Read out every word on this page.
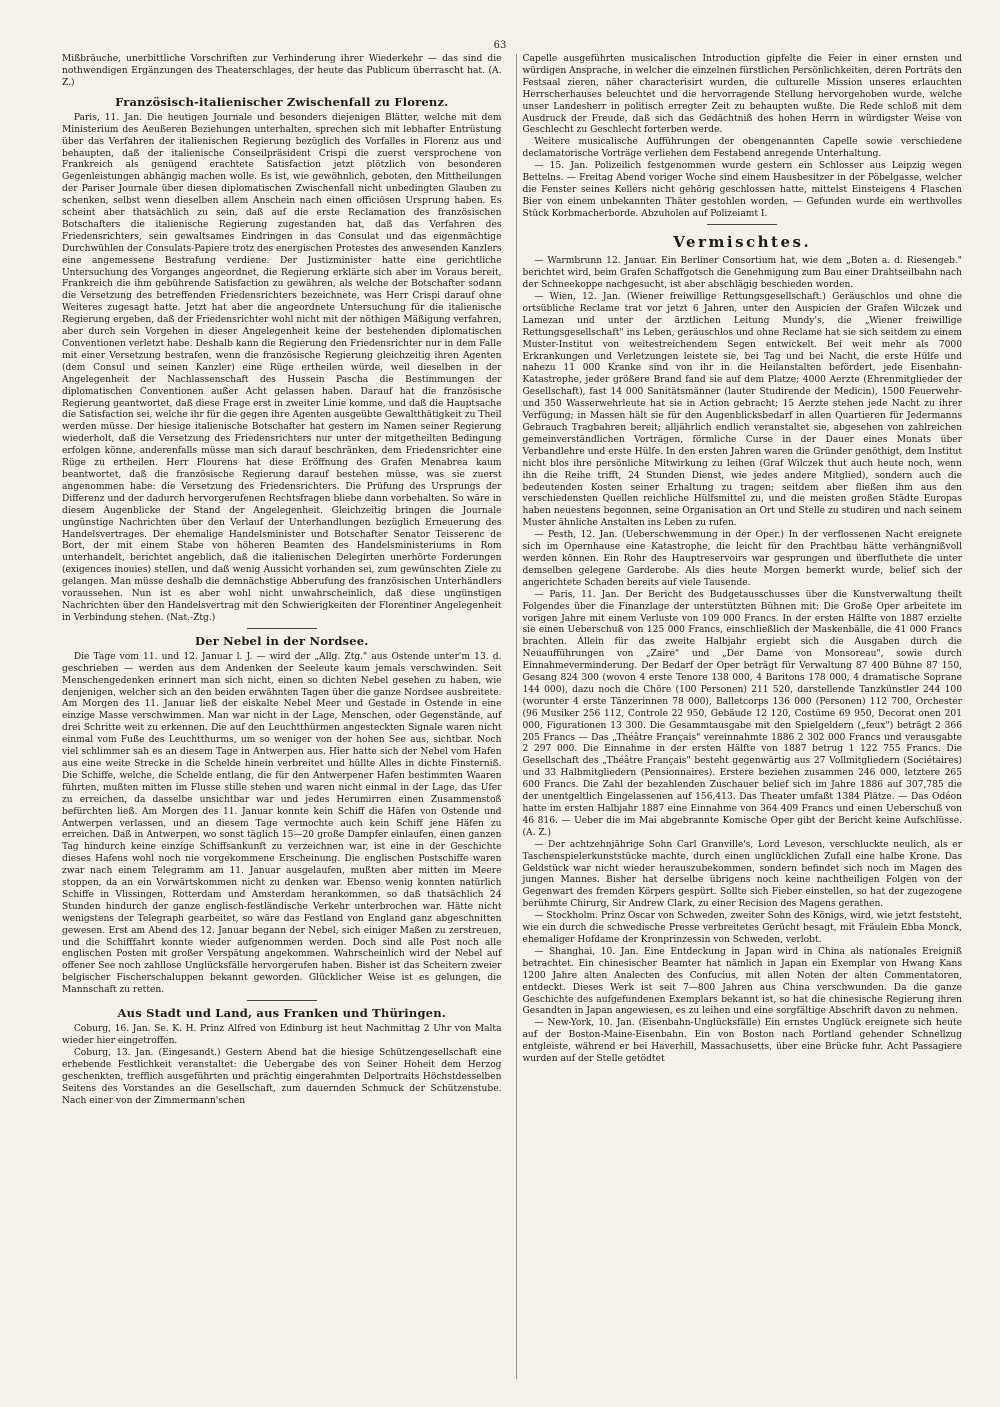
63

Mißbräuche, unerbittliche Vorschriften zur Verhinderung ihrer Wiederkehr — das sind die nothwendigen Ergänzungen des Theaterschlages, der heute das Publicum überrascht hat. (A. Z.)

Französisch-italienischer Zwischenfall zu Florenz.

Paris, 11. Jan. Die heutigen Journale und besonders diejenigen Blätter, welche mit dem Ministerium des Aeußeren Beziehungen unterhalten, sprechen sich mit lebhafter Entrüstung über das Verfahren der italienischen Regierung bezüglich des Vorfalles in Florenz aus und behaupten, daß der italienische Conseilpräsident Crispi die zuerst versprochene von Frankreich als genügend erachtete Satisfaction jetzt plötzlich von besonderen Gegenleistungen abhängig machen wolle. Es ist, wie gewöhnlich, geboten, den Mittheilungen der Pariser Journale über diesen diplomatischen Zwischenfall nicht unbedingten Glauben zu schenken, selbst wenn dieselben allem Anschein nach einen officiösen Ursprung haben. Es scheint aber thatsächlich zu sein, daß auf die erste Reclamation des französischen Botschafters die italienische Regierung zugestanden hat, daß das Verfahren des Friedensrichters, sein gewaltsames Eindringen in das Consulat und das eigenmächtige Durchwühlen der Consulats-Papiere trotz des energischen Protestes des anwesenden Kanzlers eine angemessene Bestrafung verdiene. Der Justizminister hatte eine gerichtliche Untersuchung des Vorganges angeordnet, die Regierung erklärte sich aber im Voraus bereit, Frankreich die ihm gebührende Satisfaction zu gewähren, als welche der Botschafter sodann die Versetzung des betreffenden Friedensrichters bezeichnete, was Herr Crispi darauf ohne Weiteres zugesagt hatte. Jetzt hat aber die angeordnete Untersuchung für die italienische Regierung ergeben, daß der Friedensrichter wohl nicht mit der nöthigen Mäßigung verfahren, aber durch sein Vorgehen in dieser Angelegenheit keine der bestehenden diplomatischen Conventionen verletzt habe. Deshalb kann die Regierung den Friedensrichter nur in dem Falle mit einer Versetzung bestrafen, wenn die französische Regierung gleichzeitig ihren Agenten (dem Consul und seinen Kanzler) eine Rüge ertheilen würde, weil dieselben in der Angelegenheit der Nachlassenschaft des Hussein Pascha die Bestimmungen der diplomatischen Conventionen außer Acht gelassen haben. Darauf hat die französische Regierung geantwortet, daß diese Frage erst in zweiter Linie komme, und daß die Hauptsache die Satisfaction sei, welche ihr für die gegen ihre Agenten ausgeübte Gewaltthätigkeit zu Theil werden müsse. Der hiesige italienische Botschafter hat gestern im Namen seiner Regierung wiederholt, daß die Versetzung des Friedensrichters nur unter der mitgetheilten Bedingung erfolgen könne, anderenfalls müsse man sich darauf beschränken, dem Friedensrichter eine Rüge zu ertheilen. Herr Flourens hat diese Eröffnung des Grafen Menabrea kaum beantwortet, daß die französische Regierung darauf bestehen müsse, was sie zuerst angenommen habe: die Versetzung des Friedensrichters. Die Prüfung des Ursprungs der Differenz und der dadurch hervorgerufenen Rechtsfragen bliebe dann vorbehalten. So wäre in diesem Augenblicke der Stand der Angelegenheit. Gleichzeitig bringen die Journale ungünstige Nachrichten über den Verlauf der Unterhandlungen bezüglich Erneuerung des Handelsvertrages. Der ehemalige Handelsminister und Botschafter Senator Teisserenc de Bort, der mit einem Stabe von höheren Beamten des Handelsministeriums in Rom unterhandelt, berichtet angeblich, daß die italienischen Delegirten unerhörte Forderungen (exigences inouies) stellen, und daß wenig Aussicht vorhanden sei, zum gewünschten Ziele zu gelangen. Man müsse deshalb die demnächstige Abberufung des französischen Unterhändlers voraussehen. Nun ist es aber wohl nicht unwahrscheinlich, daß diese ungünstigen Nachrichten über den Handelsvertrag mit den Schwierigkeiten der Florentiner Angelegenheit in Verbindung stehen. (Nat.-Ztg.)

Der Nebel in der Nordsee.

Die Tage vom 11. und 12. Januar l. J. — wird der „Allg. Ztg." aus Ostende unter'm 13. d. geschrieben — werden aus dem Andenken der Seeleute kaum jemals verschwinden. Seit Menschengedenken erinnert man sich nicht, einen so dichten Nebel gesehen zu haben, wie denjenigen, welcher sich an den beiden erwähnten Tagen über die ganze Nordsee ausbreitete. Am Morgen des 11. Januar ließ der eiskalte Nebel Meer und Gestade in Ostende in eine einzige Masse verschwimmen. Man war nicht in der Lage, Menschen, oder Gegenstände, auf drei Schritte weit zu erkennen. Die auf den Leuchtthürmen angesteckten Signale waren nicht einmal vom Fuße des Leuchtthurms, um so weniger von der hohen See aus, sichtbar. Noch viel schlimmer sah es an diesem Tage in Antwerpen aus. Hier hatte sich der Nebel vom Hafen aus eine weite Strecke in die Schelde hinein verbreitet und hüllte Alles in dichte Finsterniß. Die Schiffe, welche, die Schelde entlang, die für den Antwerpener Hafen bestimmten Waaren führten, mußten mitten im Flusse stille stehen und waren nicht einmal in der Lage, das Ufer zu erreichen, da dasselbe unsichtbar war und jedes Herumirren einen Zusammenstoß befürchten ließ. Am Morgen des 11. Januar konnte kein Schiff die Häfen von Ostende und Antwerpen verlassen, und an diesem Tage vermochte auch kein Schiff jene Häfen zu erreichen. Daß in Antwerpen, wo sonst täglich 15—20 große Dampfer einlaufen, einen ganzen Tag hindurch keine einzige Schiffsankunft zu verzeichnen war, ist eine in der Geschichte dieses Hafens wohl noch nie vorgekommene Erscheinung. Die englischen Postschiffe waren zwar nach einem Telegramm am 11. Januar ausgelaufen, mußten aber mitten im Meere stoppen, da an ein Vorwärtskommen nicht zu denken war. Ebenso wenig konnten natürlich Schiffe in Vlissingen, Rotterdam und Amsterdam herankommen, so daß thatsächlich 24 Stunden hindurch der ganze englisch-festländische Verkehr unterbrochen war. Hätte nicht wenigstens der Telegraph gearbeitet, so wäre das Festland von England ganz abgeschnitten gewesen. Erst am Abend des 12. Januar begann der Nebel, sich einiger Maßen zu zerstreuen, und die Schifffahrt konnte wieder aufgenommen werden. Doch sind alle Post noch alle englischen Posten mit großer Verspätung angekommen. Wahrscheinlich wird der Nebel auf offener See noch zahllose Unglücksfälle hervorgerufen haben. Bisher ist das Scheitern zweier belgischer Fischerschaluppen bekannt geworden. Glücklicher Weise ist es gelungen, die Mannschaft zu retten.

Aus Stadt und Land, aus Franken und Thüringen.

Coburg, 16. Jan. Se. K. H. Prinz Alfred von Edinburg ist heut Nachmittag 2 Uhr von Malta wieder hier eingetroffen.

Coburg, 13. Jan. (Eingesandt.) Gestern Abend hat die hiesige Schützengesellschaft eine erhebende Festlichkeit veranstaltet: die Uebergabe des von Seiner Hoheit dem Herzog geschenkten, trefflich ausgeführten und prächtig eingerahmten Delportraits Höchstdesselben Seitens des Vorstandes an die Gesellschaft, zum dauernden Schmuck der Schützenstube. Nach einer von der Zimmermann'schen

Capelle ausgeführten musicalischen Introduction gipfelte die Feier in einer ernsten und würdigen Ansprache, in welcher die einzelnen fürstlichen Persönlichkeiten, deren Porträts den Festsaal zieren, näher characterisirt wurden, die culturelle Mission unseres erlauchten Herrscherhauses beleuchtet und die hervorragende Stellung hervorgehoben wurde, welche unser Landesherr in politisch erregter Zeit zu behaupten wußte. Die Rede schloß mit dem Ausdruck der Freude, daß sich das Gedächtniß des hohen Herrn in würdigster Weise von Geschlecht zu Geschlecht forterben werde.

Weitere musicalische Aufführungen der obengenannten Capelle sowie verschiedene declamatorische Vorträge verliehen dem Festabend anregende Unterhaltung.

— 15. Jan. Polizeilich festgenommen wurde gestern ein Schlosser aus Leipzig wegen Bettelns. — Freitag Abend voriger Woche sind einem Hausbesitzer in der Pöbelgasse, welcher die Fenster seines Kellers nicht gehörig geschlossen hatte, mittelst Einsteigens 4 Flaschen Bier von einem unbekannten Thäter gestohlen worden. — Gefunden wurde ein werthvolles Stück Korbmacherborde. Abzuholen auf Polizeiamt I.

Vermischtes.

— Warmbrunn 12. Januar. Ein Berliner Consortium hat, wie dem „Boten a. d. Riesengeb." berichtet wird, beim Grafen Schaffgotsch die Genehmigung zum Bau einer Drahtseilbahn nach der Schneekoppe nachgesucht, ist aber abschlägig beschieden worden.

— Wien, 12. Jan. (Wiener freiwillige Rettungsgesellschaft.) Geräuschlos und ohne die ortsübliche Reclame trat vor jetzt 6 Jahren, unter den Auspicien der Grafen Wilczek und Lamezan und unter der ärztlichen Leitung Mundy's, die „Wiener freiwillige Rettungsgesellschaft" ins Leben, geräuschlos und ohne Reclame hat sie sich seitdem zu einem Muster-Institut von weitestreichendem Segen entwickelt. Bei weit mehr als 7000 Erkrankungen und Verletzungen leistete sie, bei Tag und bei Nacht, die erste Hülfe und nahezu 11 000 Kranke sind von ihr in die Heilanstalten befördert, jede Eisenbahn-Katastrophe, jeder größere Brand fand sie auf dem Platze; 4000 Aerzte (Ehrenmitglieder der Gesellschaft), fast 14 000 Sanitätsmänner (lauter Studirende der Medicin), 1500 Feuerwehr- und 350 Wasserwehrleute hat sie in Action gebracht; 15 Aerzte stehen jede Nacht zu ihrer Verfügung; in Massen hält sie für den Augenblicksbedarf in allen Quartieren für Jedermanns Gebrauch Tragbahren bereit; alljährlich endlich veranstaltet sie, abgesehen von zahlreichen gemeinverständlichen Vorträgen, förmliche Curse in der Dauer eines Monats über Verbandlehre und erste Hülfe. In den ersten Jahren waren die Gründer genöthigt, dem Institut nicht blos ihre persönliche Mitwirkung zu leihen (Graf Wilczek thut auch heute noch, wenn ihn die Reihe trifft, 24 Stunden Dienst, wie jedes andere Mitglied), sondern auch die bedeutenden Kosten seiner Erhaltung zu tragen; seitdem aber fließen ihm aus den verschiedensten Quellen reichliche Hülfsmittel zu, und die meisten großen Städte Europas haben neuestens begonnen, seine Organisation an Ort und Stelle zu studiren und nach seinem Muster ähnliche Anstalten ins Leben zu rufen.

— Pesth, 12. Jan. (Ueberschwemmung in der Oper.) In der verflossenen Nacht ereignete sich im Opernhause eine Katastrophe, die leicht für den Prachtbau hätte verhängnißvoll werden können. Ein Rohr des Hauptreservoirs war gesprungen und überfluthete die unter demselben gelegene Garderobe. Als dies heute Morgen bemerkt wurde, belief sich der angerichtete Schaden bereits auf viele Tausende.

— Paris, 11. Jan. Der Bericht des Budgetausschusses über die Kunstverwaltung theilt Folgendes über die Finanzlage der unterstützten Bühnen mit: Die Große Oper arbeitete im vorigen Jahre mit einem Verluste von 109 000 Francs. In der ersten Hälfte von 1887 erzielte sie einen Ueberschuß von 125 000 Francs, einschließlich der Maskenbälle, die 41 000 Francs brachten. Allein für das zweite Halbjahr ergiebt sich die Ausgaben durch die Neuaufführungen von „Zaire" und „Der Dame von Monsoreau", sowie durch Einnahmeverminderung. Der Bedarf der Oper beträgt für Verwaltung 87 400 Bühne 87 150, Gesang 824 300 (wovon 4 erste Tenore 138 000, 4 Baritons 178 000, 4 dramatische Soprane 144 000), dazu noch die Chöre (100 Personen) 211 520, darstellende Tanzkünstler 244 100 (worunter 4 erste Tänzerinnen 78 000), Balletcorps 136 000 (Personen) 112 700, Orchester (96 Musiker 256 112, Controle 22 950, Gebäude 12 120, Costüme 69 950, Decorat onen 201 000, Figurationen 13 300. Die Gesammtausgabe mit den Spielgeldern („feux") beträgt 2 366 205 Francs — Das „Théâtre Français" vereinnahmte 1886 2 302 000 Francs und verausgabte 2 297 000. Die Einnahme in der ersten Hälfte von 1887 betrug 1 122 755 Francs. Die Gesellschaft des „Théâtre Français" besteht gegenwärtig aus 27 Vollmitgliedern (Sociétaires) und 33 Halbmitgliedern (Pensionnaires). Erstere beziehen zusammen 246 000, letztere 265 600 Francs. Die Zahl der bezahlenden Zuschauer belief sich im Jahre 1886 auf 307,785 die der unentgeltlich Eingelassenen auf 156,413. Das Theater umfaßt 1384 Plätze. — Das Odéon hatte im ersten Halbjahr 1887 eine Einnahme von 364 409 Francs und einen Ueberschuß von 46 816. — Ueber die im Mai abgebrannte Komische Oper gibt der Bericht keine Aufschlüsse. (A. Z.)

— Der achtzehnjährige Sohn Carl Granville's, Lord Leveson, verschluckte neulich, als er Taschenspielerkunststücke machte, durch einen unglücklichen Zufall eine halbe Krone. Das Geldstück war nicht wieder herauszubekommen, sondern befindet sich noch im Magen des jungen Mannes. Bisher hat derselbe übrigens noch keine nachtheiligen Folgen von der Gegenwart des fremden Körpers gespürt. Sollte sich Fieber einstellen, so hat der zugezogene berühmte Chirurg, Sir Andrew Clark, zu einer Recision des Magens gerathen.

— Stockholm. Prinz Oscar von Schweden, zweiter Sohn des Königs, wird, wie jetzt feststeht, wie ein durch die schwedische Presse verbreitetes Gerücht besagt, mit Fräulein Ebba Monck, ehemaliger Hofdame der Kronprinzessin von Schweden, verlobt.

— Shanghai, 10. Jan. Eine Entdeckung in Japan wird in China als nationales Ereigniß betrachtet. Ein chinesischer Beamter hat nämlich in Japan ein Exemplar von Hwang Kans 1200 Jahre alten Analecten des Confucius, mit allen Noten der alten Commentatoren, entdeckt. Dieses Werk ist seit 7—800 Jahren aus China verschwunden. Da die ganze Geschichte des aufgefundenen Exemplars bekannt ist, so hat die chinesische Regierung ihren Gesandten in Japan angewiesen, es zu leihen und eine sorgfältige Abschrift davon zu nehmen.

— New-York, 10. Jan. (Eisenbahn-Unglücksfälle) Ein ernstes Unglück ereignete sich heute auf der Boston-Maine-Eisenbahn. Ein von Boston nach Portland gehender Schnellzug entgleiste, während er bei Haverhill, Massachusetts, über eine Brücke fuhr. Acht Passagiere wurden auf der Stelle getödtet
